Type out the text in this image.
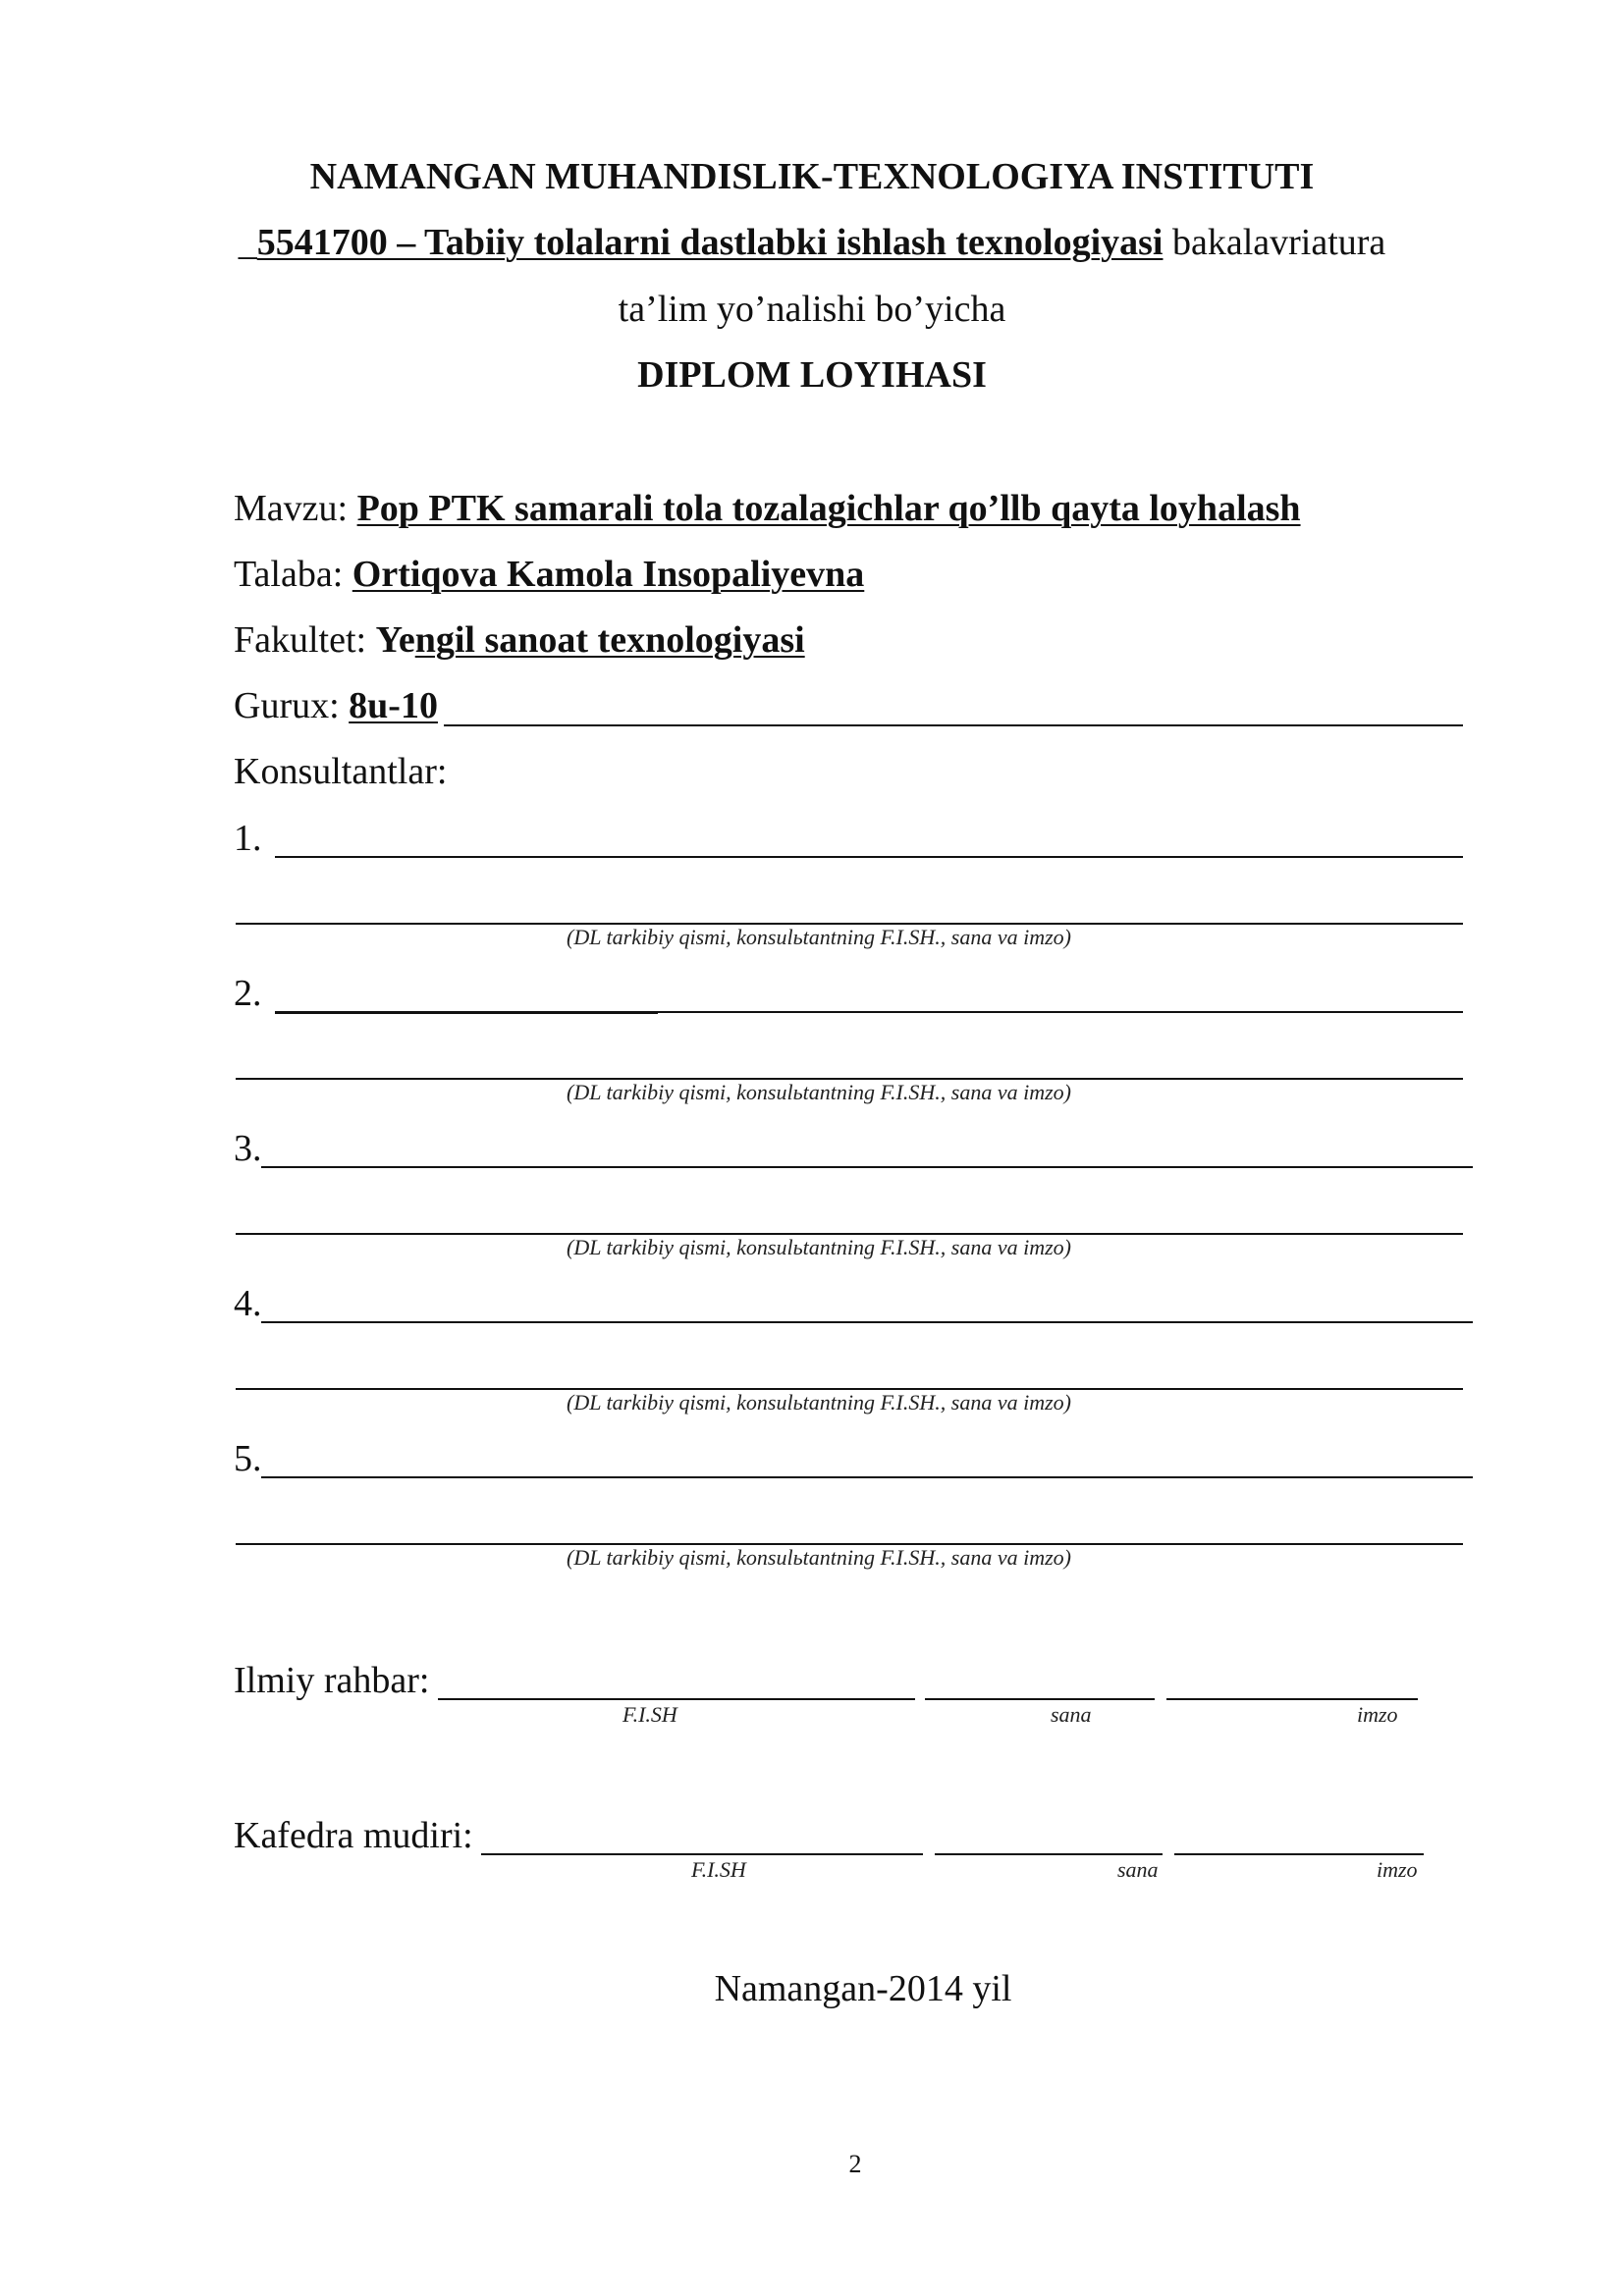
NAMANGAN MUHANDISLIK-TEXNOLOGIYA INSTITUTI
_5541700 – Tabiiy tolalarni dastlabki ishlash texnologiyasi bakalavriatura
ta’lim yo’nalishi bo’yicha
DIPLOM LOYIHASI
Mavzu: Pop PTK samarali tola tozalagichlar qo’llb qayta loyhalash
Talaba: Ortiqova Kamola Insopaliyevna
Fakultet: Yengil sanoat texnologiyasi
Gurux: 8u-10
Konsultantlar:
1.
(DL tarkibiy qismi, konsulьtantning F.I.SH., sana va imzo)
2.
(DL tarkibiy qismi, konsulьtantning F.I.SH., sana va imzo)
3.
(DL tarkibiy qismi, konsulьtantning F.I.SH., sana va imzo)
4.
(DL tarkibiy qismi, konsulьtantning F.I.SH., sana va imzo)
5.
(DL tarkibiy qismi, konsulьtantning F.I.SH., sana va imzo)
Ilmiy rahbar:
F.I.SH	sana	imzo
Kafedra mudiri:
F.I.SH	sana	imzo
Namangan-2014 yil
2
